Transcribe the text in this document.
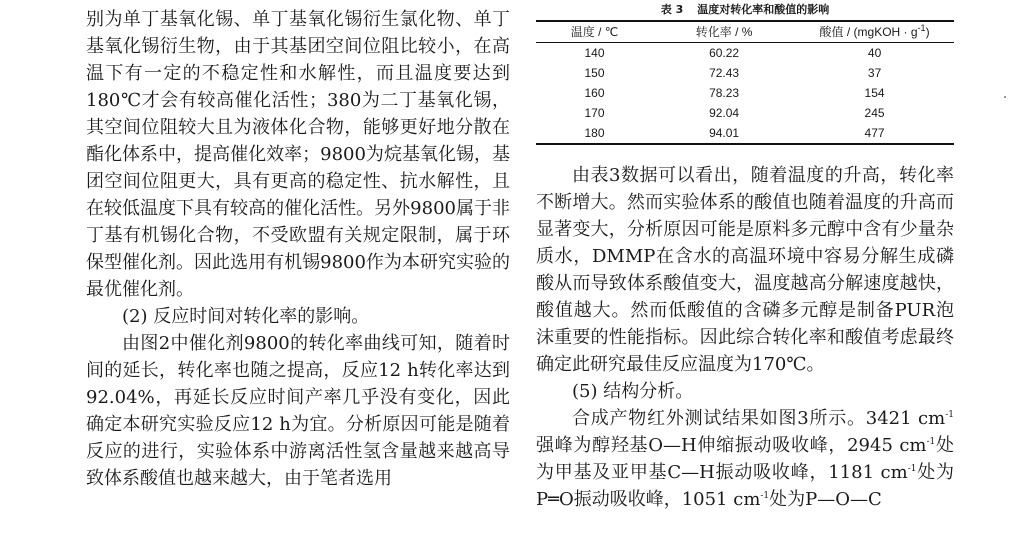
别为单丁基氧化锡、单丁基氧化锡衍生氯化物、单丁基氧化锡衍生物，由于其基团空间位阻比较小，在高温下有一定的不稳定性和水解性，而且温度要达到180℃才会有较高催化活性；380为二丁基氧化锡，其空间位阻较大且为液体化合物，能够更好地分散在酯化体系中，提高催化效率；9800为烷基氧化锡，基团空间位阻更大，具有更高的稳定性、抗水解性，且在较低温度下具有较高的催化活性。另外9800属于非丁基有机锡化合物，不受欧盟有关规定限制，属于环保型催化剂。因此选用有机锡9800作为本研究实验的最优催化剂。

(2) 反应时间对转化率的影响。

由图2中催化剂9800的转化率曲线可知，随着时间的延长，转化率也随之提高，反应12 h转化率达到92.04%，再延长反应时间产率几乎没有变化，因此确定本研究实验反应12 h为宜。分析原因可能是随着反应的进行，实验体系中游离活性氢含量越来越高导致体系酸值也越来越大，由于笔者选用

表 3 温度对转化率和酸值的影响
温度 / ℃	转化率 / %	酸值 / (mgKOH · $g^{-1}$)
140	60.22	40
150	72.43	37
160	78.23	154
170	92.04	245
180	94.01	477

由表3数据可以看出，随着温度的升高，转化率不断增大。然而实验体系的酸值也随着温度的升高而显著变大，分析原因可能是原料多元醇中含有少量杂质水，DMMP在含水的高温环境中容易分解生成磷酸从而导致体系酸值变大，温度越高分解速度越快，酸值越大。然而低酸值的含磷多元醇是制备PUR泡沫重要的性能指标。因此综合转化率和酸值考虑最终确定此研究最佳反应温度为170℃。

(5) 结构分析。

合成产物红外测试结果如图3所示。3421 $cm^{-1}$强峰为醇羟基O—H伸缩振动吸收峰，2945 $cm^{-1}$处为甲基及亚甲基C—H振动吸收峰，1181 $cm^{-1}$处为P═O振动吸收峰，1051 $cm^{-1}$处为P—O—C
